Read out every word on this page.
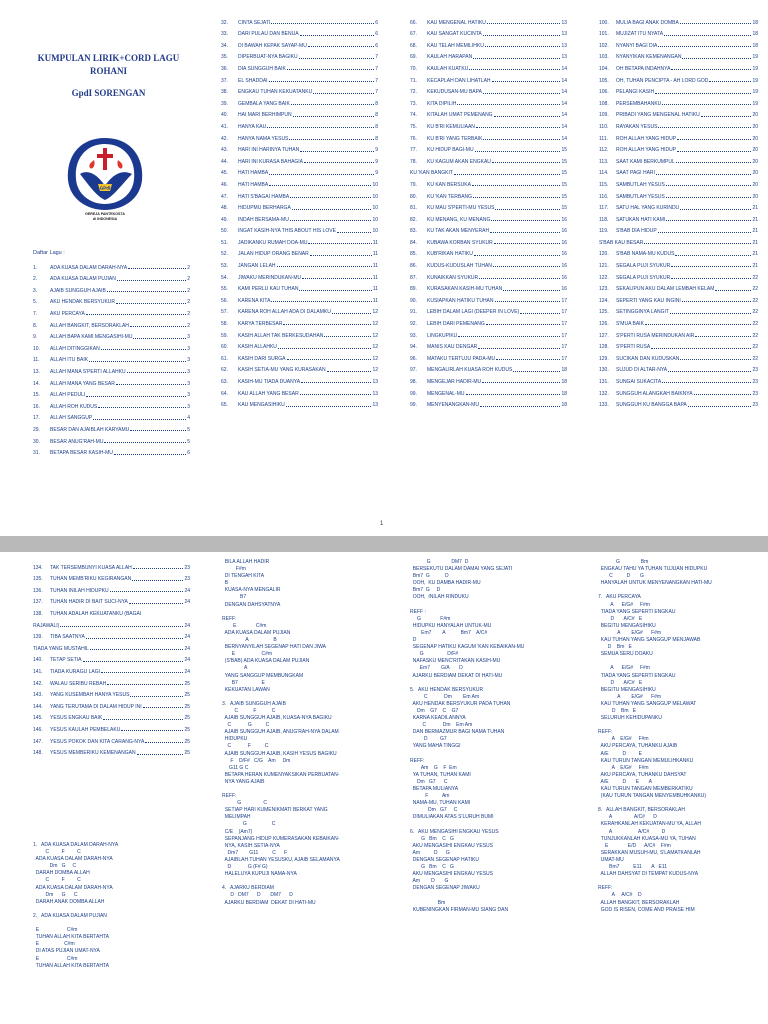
KUMPULAN LIRIK+CORD LAGU
ROHANI
GpdI SORENGAN
GPdI
GEREJA PANTEKOSTA
di INDONESIA
Daftar Lagu :
1.	ADA KUASA DALAM DARAH-NYA	2
2.	ADA KUASA DALAM PUJIAN	2
3.	AJAIB SUNGGUH AJAIB	2
5.	AKU HENDAK BERSYUKUR	2
7.	AKU PERCAYA	2
8.	ALLAH BANGKIT, BERSORAKLAH	2
9.	ALLAH BAPA KAMI MENGASIHI-MU	3
10.	ALLAH DITINGGIKAN	3
11.	ALLAH ITU BAIK	3
13.	ALLAH MANA S'PERTI ALLAHKU	3
14.	ALLAH MANA YANG BESAR	3
15.	ALLAH PEDULI	3
16.	ALLAH ROH KUDUS	3
17.	ALLAH SANGGUP	4
29.	BESAR DAN AJAIBLAH KARYAMU	5
30.	BESAR ANUG'RAH-MU	5
31.	BETAPA BESAR KASIH-MU	6
32.	CINTA SEJATI	6
33.	DARI PULAU DAN BENUA	6
34.	DI BAWAH KEPAK SAYAP-MU	6
35.	DIPERBUAT-NYA BAGIKU	7
36.	DIA SUNGGUH BAIK	7
37.	EL SHADDAI	7
38.	ENGKAU TUHAN KEKUATANKU	7
39.	GEMBALA YANG BAIK	8
40.	HAI MARI BERHIMPUN	8
41.	HANYA KAU	8
42.	HANYA NAMA YESUS	8
43.	HARI INI HARINYA TUHAN	9
44.	HARI INI KURASA BAHAGIA	9
45.	HATI HAMBA	9
46.	HATI HAMBA	10
47.	HATI S'BAGAI HAMBA	10
48.	HIDUPMU BERHARGA	10
49.	INDAH BERSAMA-MU	10
50.	INGAT KASIH-NYA THIS ABOUT HIS LOVE	10
51.	JADIKANKU RUMAH DOA-MU	11
52.	JALAN HIDUP ORANG BENAR	11
53.	JANGAN LELAH	11
54.	JIWAKU MERINDUKAN-MU	11
55.	KAMI PERLU KAU TUHAN	11
56.	KARENA KITA	11
57.	KARENA ROH ALLAH ADA DI DALAMKU	12
58.	KARYA TERBESAR	12
59.	KASIH ALLAH TAK BERKESUDAHAN	12
60.	KASIH ALLAHKU	12
61.	KASIH DARI SURGA	12
62.	KASIH SETIA-MU YANG KURASAKAN	12
63.	KASIH-MU TIADA DUANYA	13
64.	KAU ALLAH YANG BESAR	13
65.	KAU MENGASIHIKU	13
66.	KAU MENGENAL HATIKU	13
67.	KAU SANGAT KUCINTA	13
68.	KAU TELAH MEMILIHKU	13
69.	KAULAH HARAPAN	13
70.	KAULAH KUATKU	14
71.	KECAPLAH DAN LIHATLAH	14
72.	KEKUDUSAN-MU BAPA	14
73.	KITA DIPILIH	14
74.	KITALAH UMAT PEMENANG	14
75.	KU B'RI KEMULIAAN	14
76.	KU B'RI YANG TERBAIK	14
77.	KU HIDUP BAGI-MU	15
78.	KU KAGUM AKAN ENGKAU	15
KU 'KAN BANGKIT	15
79.	KU KAN BERSUKA	15
80.	KU 'KAN TERBANG	15
81.	KU MAU S'PERTI-MU YESUS	15
82.	KU MENANG, KU MENANG	16
83.	KU TAK AKAN MENYERAH	16
84.	KUBAWA KORBAN SYUKUR	16
85.	KUB'RIKAN HATIKU	16
86.	KUDUS-KUDUSLAH TUHAN	16
87.	KUNAIKKAN SYUKUR	16
89.	KURASAKAN KASIH-MU TUHAN	16
90.	KUSIAPKAN HATIKU TUHAN	17
91.	LEBIH DALAM LAGI (DEEPER IN LOVE)	17
92.	LEBIH DARI PEMENANG	17
93.	LINGKUPIKU	17
94.	MANIS KAU DENGAR	17
96.	MATAKU TERTUJU PADA-MU	17
97.	MENGALIRLAH KUASA ROH KUDUS	18
98.	MENGEJAR HADIR-MU	18
99.	MENGENAL-MU	18
99.	MENYENANGKAN-MU	18
100.	MULIA BAGI ANAK DOMBA	18
101.	MUJIZAT ITU NYATA	18
102.	NYANYI BAGI DIA	18
103.	NYANYIKAN KEMENANGAN	19
104.	OH BETAPA INDAHNYA	19
105.	OH, TUHAN PENCIPTA - AH LORD GOD	19
106.	PELANGI KASIH	19
108.	PERSEMBAHANKU	19
109.	PRIBADI YANG MENGENAL HATIKU	20
110.	RAYAKAN YESUS	20
111.	ROH ALLAH YANG HIDUP	20
112.	ROH ALLAH YANG HIDUP	20
113.	SAAT KAMI BERKUMPUL	20
114.	SAAT PAGI HARI	20
115.	SAMBUTLAH YESUS	20
116.	SAMBUTLAH YESUS	20
117.	SATU HAL YANG KURINDU	21
118.	SATUKAN HATI KAMI	21
119.	S'BAB DIA HIDUP	21
S'BAB KAU BESAR	21
120.	S'BAB NAMA-MU KUDUS	21
121.	SEGALA PUJI SYUKUR	21
122.	SEGALA PUJI SYUKUR	22
123.	SEKALIPUN AKU DALAM LEMBAH KELAM	22
124.	SEPERTI YANG KAU INGINI	22
125.	SETINGGINYA LANGIT	22
126.	S'MUA BAIK	22
127.	S'PERTI RUSA MERINDUKAN AIR	22
128.	S'PERTI RUSA	22
129.	SUCIKAN DAN KUDUSKAN	22
130.	SUJUD DI ALTAR-NYA	23
131.	SUNGAI SUKACITA	23
132.	SUNGGUH ALANGKAH BAIKNYA	23
133.	SUNGGUH KU BANGGA BAPA	23
1
134.	TAK TERSEMBUNYI KUASA ALLAH	23
135.	TUHAN MEMB'RIKU KEGIRANGAN	23
136.	TUHAN INILAH HIDUPKU	24
137.	TUHAN HADIR DI BAIT SUCI-NYA	24
138.	TUHAN ADALAH KEKUATANKU (BAGAI
RAJAWALI)	24
139.	TIBA SAATNYA	24
TIADA YANG MUSTAHIL	24
140.	TETAP SETIA	24
141.	TIADA KURAGU LAGI	24
142.	WALAU SERIBU REBAH	25
143.	YANG KUSEMBAH HANYA YESUS	25
144.	YANG TERUTAMA DI DALAM HIDUP INI	25
145.	YESUS ENGKAU BAIK	25
146.	YESUS KAULAH PEMBELAKU	25
147.	YESUS POKOK DAN KITA CARANG-NYA	25
148.	YESUS MEMBERIKU KEMENANGAN	25
1.   ADA KUASA DALAM DARAH-NYA
C         F         C
ADA KUASA DALAM DARAH-NYA
Dm   G     C
DARAH DOMBA ALLAH
C         F         C
ADA KUASA DALAM DARAH-NYA
Dm      G      C
DARAH ANAK DOMBA ALLAH

2.   ADA KUASA DALAM PUJIAN

E                    C#m
TUHAN ALLAH KITA BERTAHTA
E                  C#m
DI ATAS PUJIAN UMAT-NYA
E                    C#m
TUHAN ALLAH KITA BERTAHTA
BILA ALLAH HADIR
F#m
DI TENGAH KITA
B
KUASA-NYA MENGALIR
B7
DENGAN DAHSYATNYA

REFF:
E              C#m
ADA KUASA DALAM PUJIAN
A                  B
BERNYANYILAH SEGENAP HATI DAN JIWA
E                   C#m
(S'BAB) ADA KUASA DALAM PUJIAN
A
YANG SANGGUP MEMBUNGKAM
B7                 E
KEKUATAN LAWAN

3.   AJAIB SUNGGUH AJAIB
C           F           C
AJAIB SUNGGUH AJAIB, KUASA-NYA BAGIKU
C            G          C
AJAIB SUNGGUH AJAIB, ANUG'RAH-NYA DALAM
HIDUPKU
C            F          C
AJAIB SUNGGUH AJAIB, KASIH YESUS BAGIKU
F    D/F#   C/G    Am     Dm
G11 G C
BETAPA HERAN KUMENYAKSIKAN PERBUATAN-
NYA YANG AJAIB

REFF:
G                C
SETIAP HARI KUMENIKMATI BERKAT YANG
MELIMPAH
G                  C
C/E    (Am7)
SEPANJANG HIDUP KUMERASAKAN KEBAIKAN-
NYA, KASIH SETIA-NYA
Dm7        G11          C      F
AJAIBLAH TUHAN YESUSKU, AJAIB SELAMANYA
D            G (F# G)
HALELUYA KUPUJI NAMA-NYA

4.   AJARKU BERDIAM
D   DM7      D       DM7      D
AJARKU BERDIAM  DEKAT DI HATI-MU
G               DM7  D
BERSEKUTU DALAM DAMAI YANG SEJATI
Bm7  G           D
OOH,  KU DAMBA HADIR-MU
Bm7  G     D
OOH,  INILAH RINDUKU

REFF :
G              F#m
HIDUPKU HANYALAH UNTUK-MU
Em7        A           Bm7    A/C#
D
SEGENAP HATIKU KAGUM 'KAN KEBAIKAN-MU
G                 D/F#
NAFASKU MENC'RITAKAN KASIH-MU
Em7        G/A       D
AJARKU BERDIAM DEKAT DI HATI-MU

5.   AKU HENDAK BERSYUKUR
C            Dm        Em Am
AKU HENDAK BERSYUKUR PADA TUHAN
Dm    G7    C    G7
KARNA KEADILANNYA
C            Dm    Em Am
DAN BERMAZMUR BAGI NAMA TUHAN
D         G7
YANG MAHA TINGGI

REFF:
Am    G    F  Em
YA TUHAN, TUHAN KAMI
Dm   G7      C
BETAPA MULIANYA
F          Am
NAMA-MU, TUHAN KAMI
Dm   G7     C
DIMULIAKAN ATAS S'LURUH BUMI

6.   AKU MENGASIHI ENGKAU YESUS
G   Bm    C   G
AKU MENGASIHI ENGKAU YESUS
Am          D      G
DENGAN SEGENAP HATIKU
G   Bm    C   G
AKU MENGASIHI ENGKAU YESUS
Am        D       G
DENGAN SEGENAP JIWAKU

Bm
KUBENINGKAN FIRMAN-MU SIANG DAN
G               Bm
ENGKAU TAHU YA TUHAN TUJUAN HIDUPKU
C          D       G
HANYALAH UNTUK MENYENANGKAN HATI-MU

7.   AKU PERCAYA
A      E/G#     F#m
TIADA YANG SEPERTI ENGKAU
D       A/C#   E
BEGITU MENGASIHIKU
A        E/G#      F#m
KAU TUHAN YANG SANGGUP MENJAWAB
D    Bm   E
SEMUA SERU DOAKU

A      E/G#     F#m
TIADA YANG SEPERTI ENGKAU
D       A/C#   E
BEGITU MENGASIHIKU
A        E/G#      F#m
KAU TUHAN YANG SANGGUP MELAWAT
D    Bm   E
SELURUH KEHIDUPANKU

REFF:
A    E/G#     F#m
AKU PERCAYA, TUHANKU AJAIB
A/E          D         E
KAU TURUN TANGAN MEMULIHKANKU
A    E/G#     F#m
AKU PERCAYA, TUHANKU DAHSYAT
A/E          D       E       A
KAU TURUN TANGAN MEMBERKATIKU
(KAU TURUN TANGAN MENYEMBUHKANKU)

8.   ALLAH BANGKIT, BERSORAKLAH
A                A/C#      D
KERAHKANLAH KEKUATAN-MU YA, ALLAH
A                   A/C#         D
TUNJUKKANLAH KUASA-MU YA, TUHAN
E              E/D      A/C#    F#m
SERAKKAN MUSUH-MU, S'LAMATKANLAH
UMAT-MU
Bm7          E11       A   E11
ALLAH DAHSYAT DI TEMPAT KUDUS-NYA

REFF:
A     A/C#    D
ALLAH BANGKIT, BERSORAKLAH
GOD IS RISEN, COME AND PRAISE HIM
